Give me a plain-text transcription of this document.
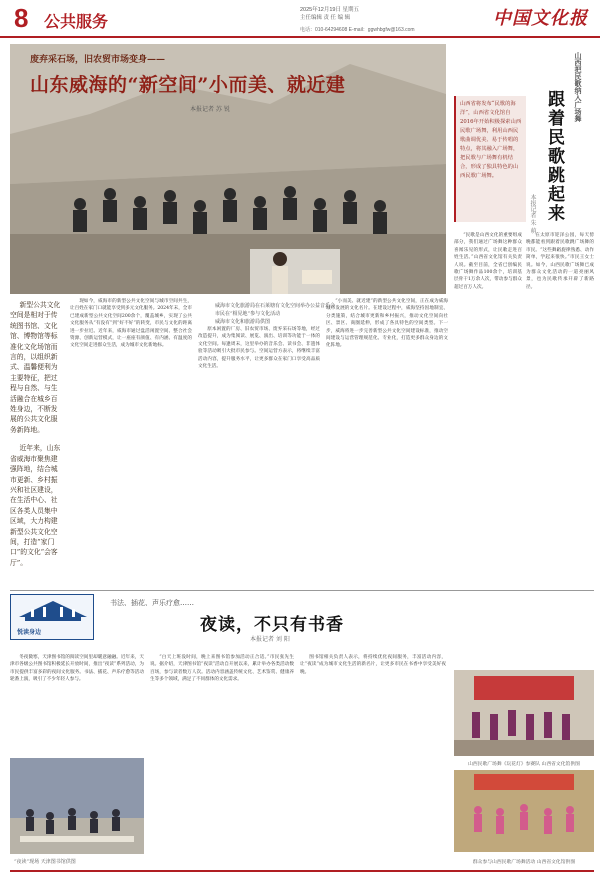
8 公共服务
2025年12月19日 星期五
主任编辑 责 任 编 辑
电话：010-64294608 E-mail：ggwhbgfw@163.com
中国文化报
废弃采石场，旧农贸市场变身——
山东威海的“新空间”小而美、就近建
本报记者 苏 锐
威海市文化旅游局在石莱塘有文化空间举办公益音乐会
市民在“相见地”参与文化活动
威海市文化和旅游局供图

新型公共文化空间是相对于传统图书馆、文化馆、博物馆等标准化文化场馆而言的，以组织新式、温馨便利为主要特征，把过程与自然、与生活融合在城乡百姓身边，不断发展的公共文化服务新阵地。

近年来，山东省威海市聚焦建强阵地，结合城市更新、乡村振兴和社区建设，在生活中心、社区各类人员集中区域，大力构建新型公共文化空间，打造“家门口”的文化“会客厅”。

现如今，威海市的新型公共文化空间与城市空间共生，让百姓在家门口就能享受到多元文化服务。2024年末，全市已建成新型公共文化空间200余个，覆盖城乡，实现了公共文化服务从“有没有”到“好不好”的转变，市民与文化的距离进一步拉近。近年来，威海市通过盘活闲置空间、整合社会资源、创新运营模式，让一座座有颜值、有内涵、有温度的文化空间走进群众生活，成为城市文化新地标。

原本闲置的厂房、旧农贸市场、废弃采石场等地，经过改造提升，成为集阅读、展览、演出、培训等功能于一体的文化空间。每逢周末，这里举办的音乐会、读书会、非遗体验等活动吸引大批市民参与。空间运营方表示，将继续丰富活动内容，提升服务水平，让更多群众在家门口享受高品质文化生活。

“小而美、就近建”的新型公共文化空间，正在成为威海城市发展的文化名片。在建设过程中，威海坚持因地制宜、分类施策，结合城市更新和乡村振兴，推动文化空间向社区、景区、商圈延伸，形成了各具特色的空间类型。下一步，威海将进一步完善新型公共文化空间建设标准，推动空间建设与运营管理规范化、专业化，打造更多群众身边的文化阵地。

山西把民歌纳入广场舞
跟着民歌跳起来
本报记者 朱 萌

山西省将发布“民歌的海洋”，山西省文化馆自2016年开始积极探索山西民歌广场舞，利用山西民歌曲调优美、易于传唱的特点，将其融入广场舞，把民歌与广场舞有机结合，形成了独具特色的山西民歌广场舞。

“民歌是山西文化的重要组成部分，我们通过广场舞这种群众喜闻乐见的形式，让民歌走进百姓生活。”山西省文化馆有关负责人说。截至目前，全省已创编民歌广场舞作品100余个，培训基层骨干1万余人次，带动参与群众超过百万人次。

在太原市迎泽公园，每天傍晚都能看到跟着民歌跳广场舞的市民。“这些舞蹈旋律熟悉、动作简单，学起来很快。”市民王女士说。如今，山西民歌广场舞已成为群众文化活动的一道亮丽风景，也为民歌传承开辟了新路径。

悦读身边
书法、插花、声乐疗愈……
夜读，不只有书香
本报记者 刘 阳

冬夜微寒，天津图书馆的阅读空间里却暖意融融。近年来，天津市各级公共图书馆积极延长开放时间，推出“夜读”系列活动，为市民提供丰富多彩的夜间文化服务。书法、插花、声乐疗愈等活动轮番上演，吸引了不少年轻人参与。

“白天上班没时间，晚上来图书馆参加活动正合适。”市民张先生说。据介绍，天津图书馆“夜读”活动自开展以来，累计举办各类活动数百场，参与读者数万人次。活动内容涵盖传统文化、艺术鉴赏、健康养生等多个领域，满足了不同群体的文化需求。

图书馆相关负责人表示，将持续优化夜间服务，丰富活动内容，让“夜读”成为城市文化生活的新名片，让更多市民在书香中享受美好夜晚。

“夜读”现场 天津图书馆供图
山西民歌广场舞《玩花灯》参赛队 山西省文化馆供图
群众参与山西民歌广场舞活动 山西省文化馆供图
